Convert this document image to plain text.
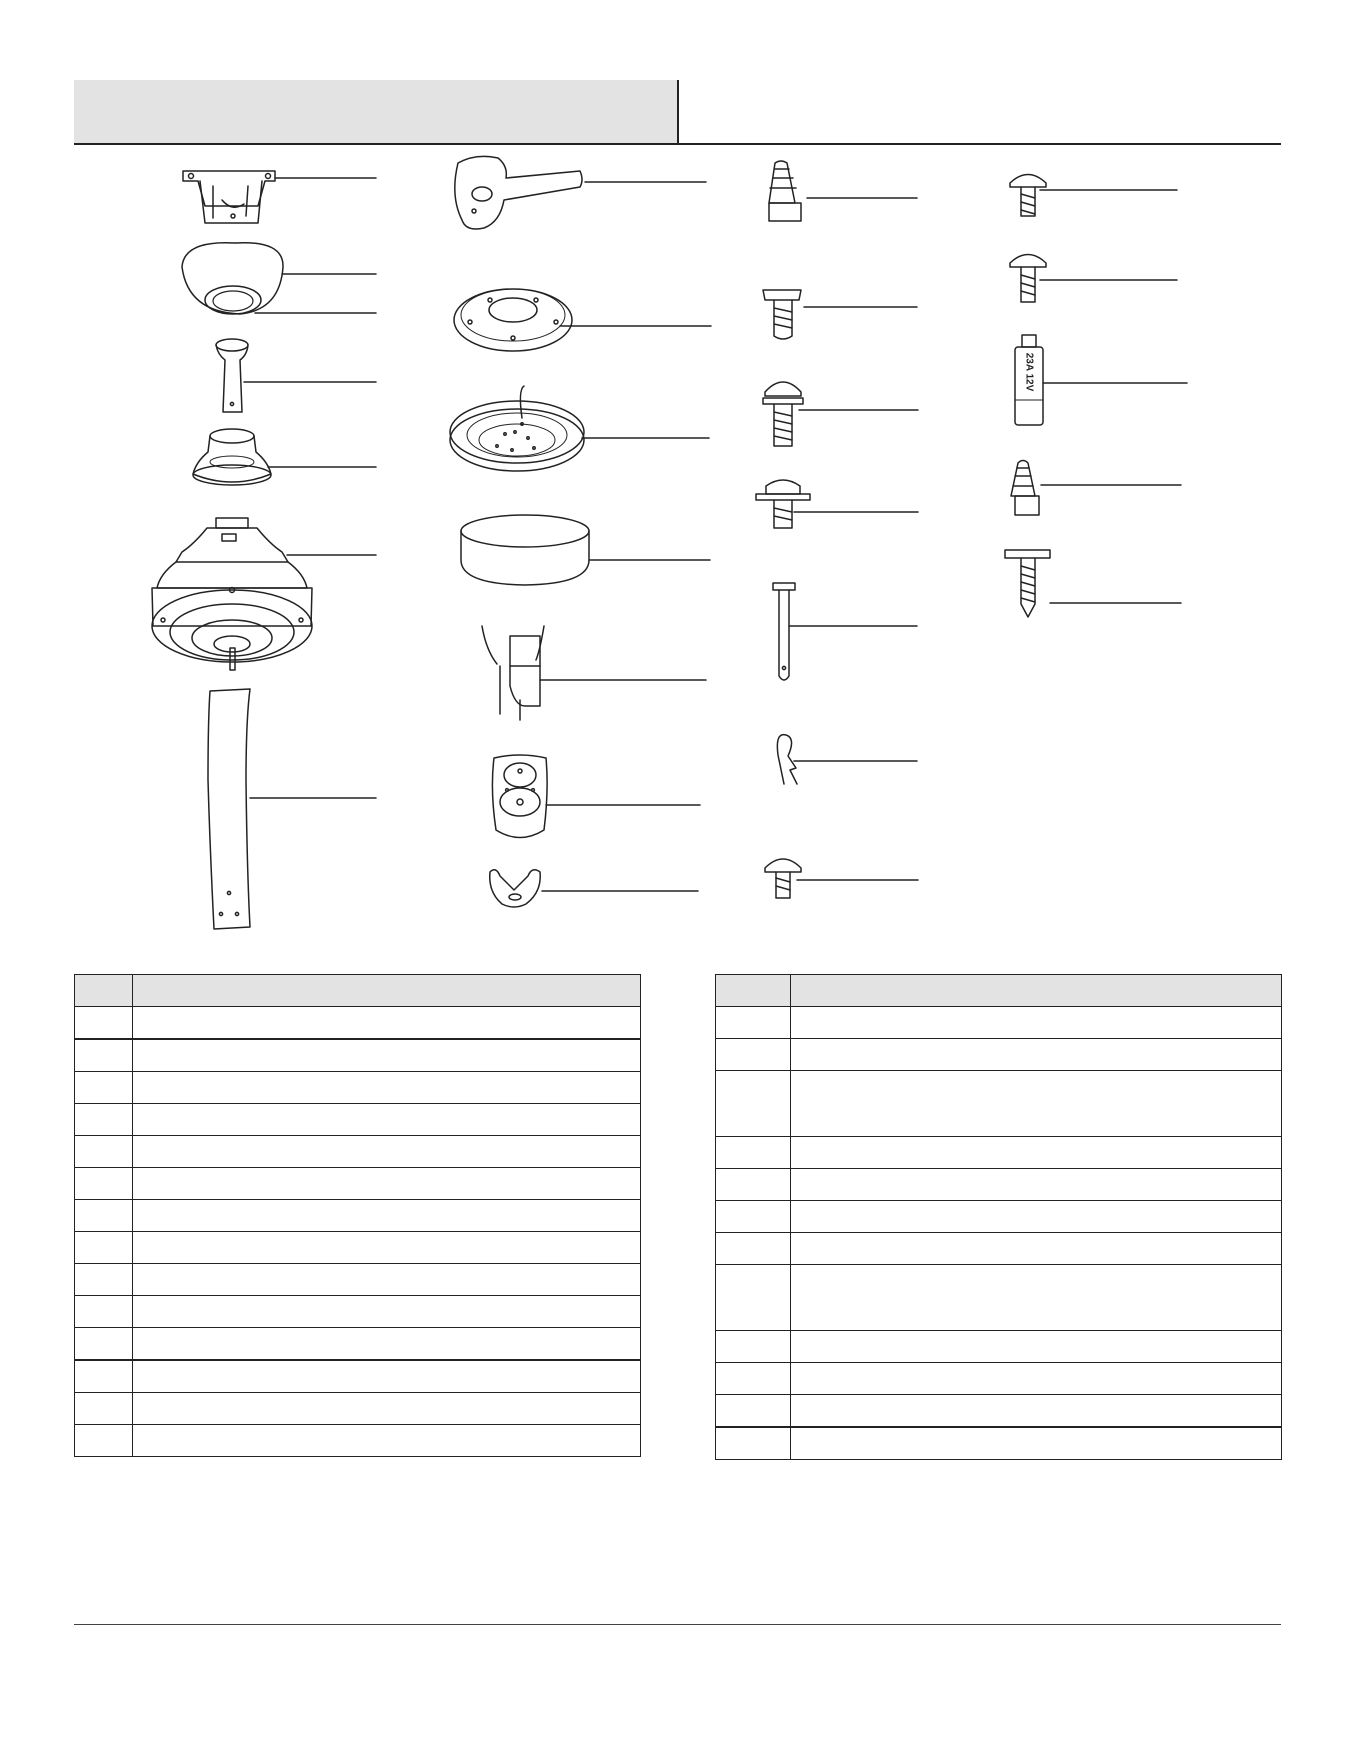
23A 12V
